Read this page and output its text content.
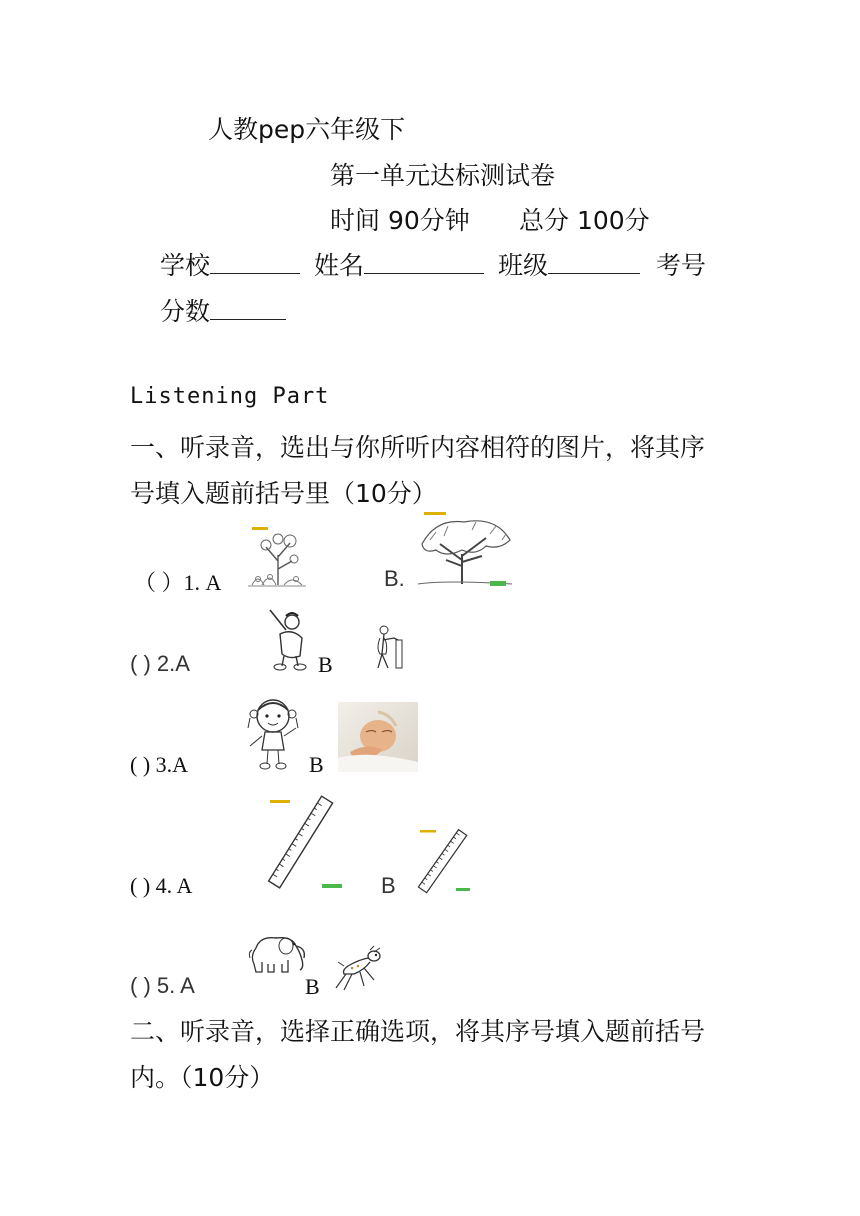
人教pep六年级下
第一单元达标测试卷
时间 90分钟 总分 100分
学校	姓名	班级	考号
分数
Listening Part
一、听录音，选出与你所听内容相符的图片，将其序
号填入题前括号里（10分）
（ ）1. A	B.
( ) 2.A	B
( ) 3.A	B
( ) 4. A	B
( ) 5. A	B
二、听录音，选择正确选项，将其序号填入题前括号
内。（10分）
